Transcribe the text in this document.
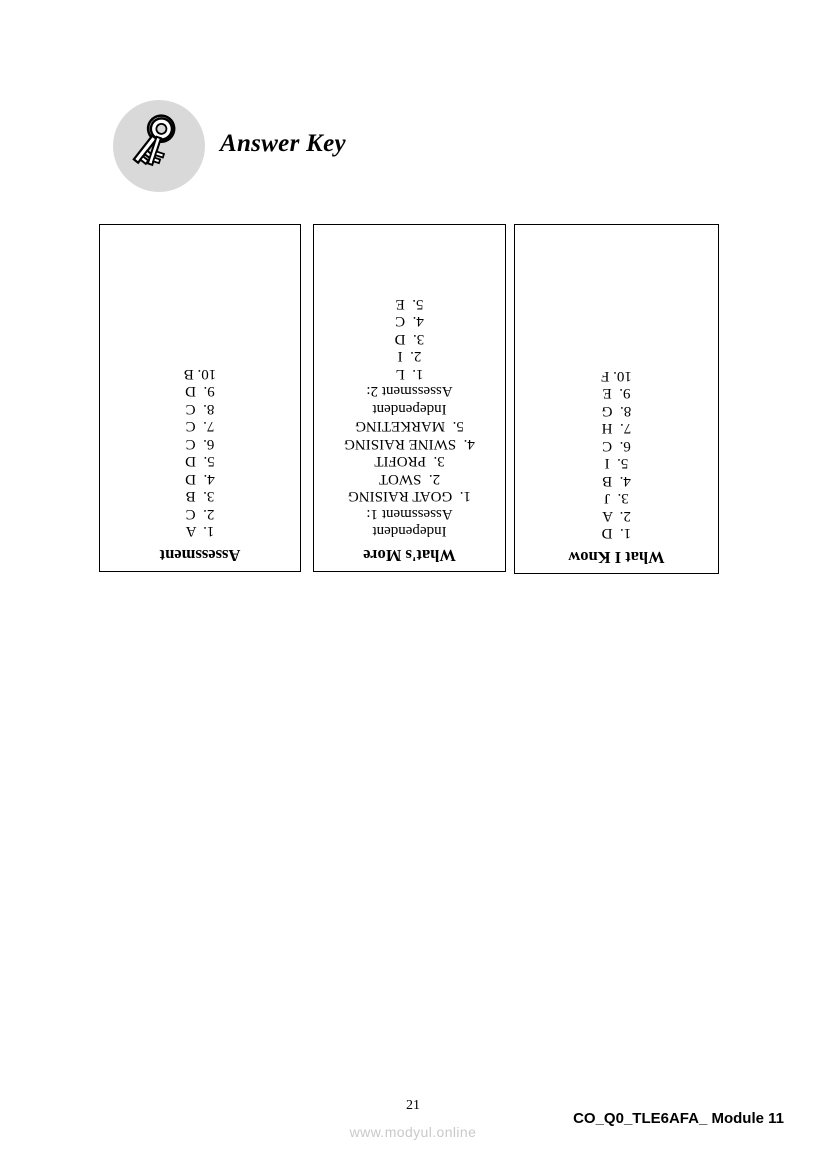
Answer Key
What I Know
1.  D
2.  A
3.  J
4.  B
5.  I
6.  C
7.  H
8.  G
9.  E
10. F
What's More
Independent
Assessment 1:
1.  GOAT RAISING
2.  SWOT
3.  PROFIT
4.  SWINE RAISING
5.  MARKETING
Independent
Assessment 2:
1.  L
2.  I
3.  D
4.  C
5.  E
Assessment
1.  A
2.  C
3.  B
4.  D
5.  D
6.  C
7.  C
8.  C
9.  D
10. B
21
CO_Q0_TLE6AFA_ Module 11
www.modyul.online
